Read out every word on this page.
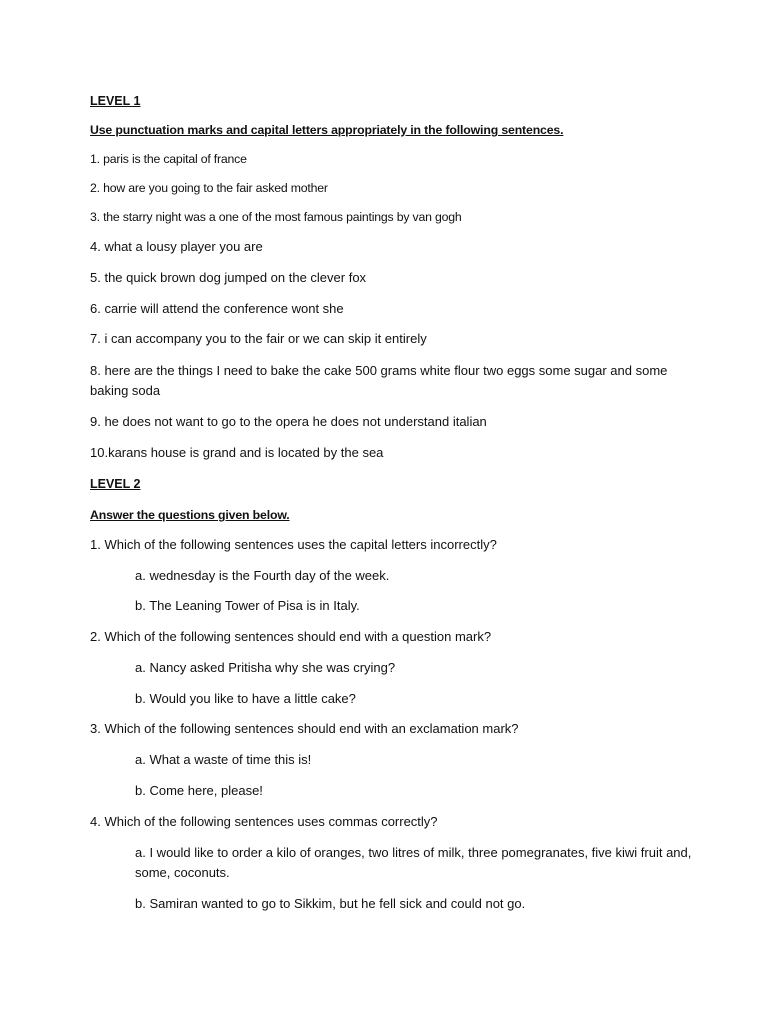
LEVEL 1
Use punctuation marks and capital letters appropriately in the following sentences.
1. paris is the capital of france
2. how are you going to the fair asked mother
3. the starry night was a one of the most famous paintings by van gogh
4. what a lousy player you are
5. the quick brown dog jumped on the clever fox
6. carrie will attend the conference wont she
7. i can accompany you to the fair or we can skip it entirely
8. here are the things I need to bake the cake 500 grams white flour two eggs some sugar and some baking soda
9. he does not want to go to the opera he does not understand italian
10.karans house is grand and is located by the sea
LEVEL 2
Answer the questions given below.
1. Which of the following sentences uses the capital letters incorrectly?
a. wednesday is the Fourth day of the week.
b. The Leaning Tower of Pisa is in Italy.
2. Which of the following sentences should end with a question mark?
a. Nancy asked Pritisha why she was crying?
b. Would you like to have a little cake?
3. Which of the following sentences should end with an exclamation mark?
a. What a waste of time this is!
b. Come here, please!
4. Which of the following sentences uses commas correctly?
a. I would like to order a kilo of oranges, two litres of milk, three pomegranates, five kiwi fruit and, some, coconuts.
b. Samiran wanted to go to Sikkim, but he fell sick and could not go.
